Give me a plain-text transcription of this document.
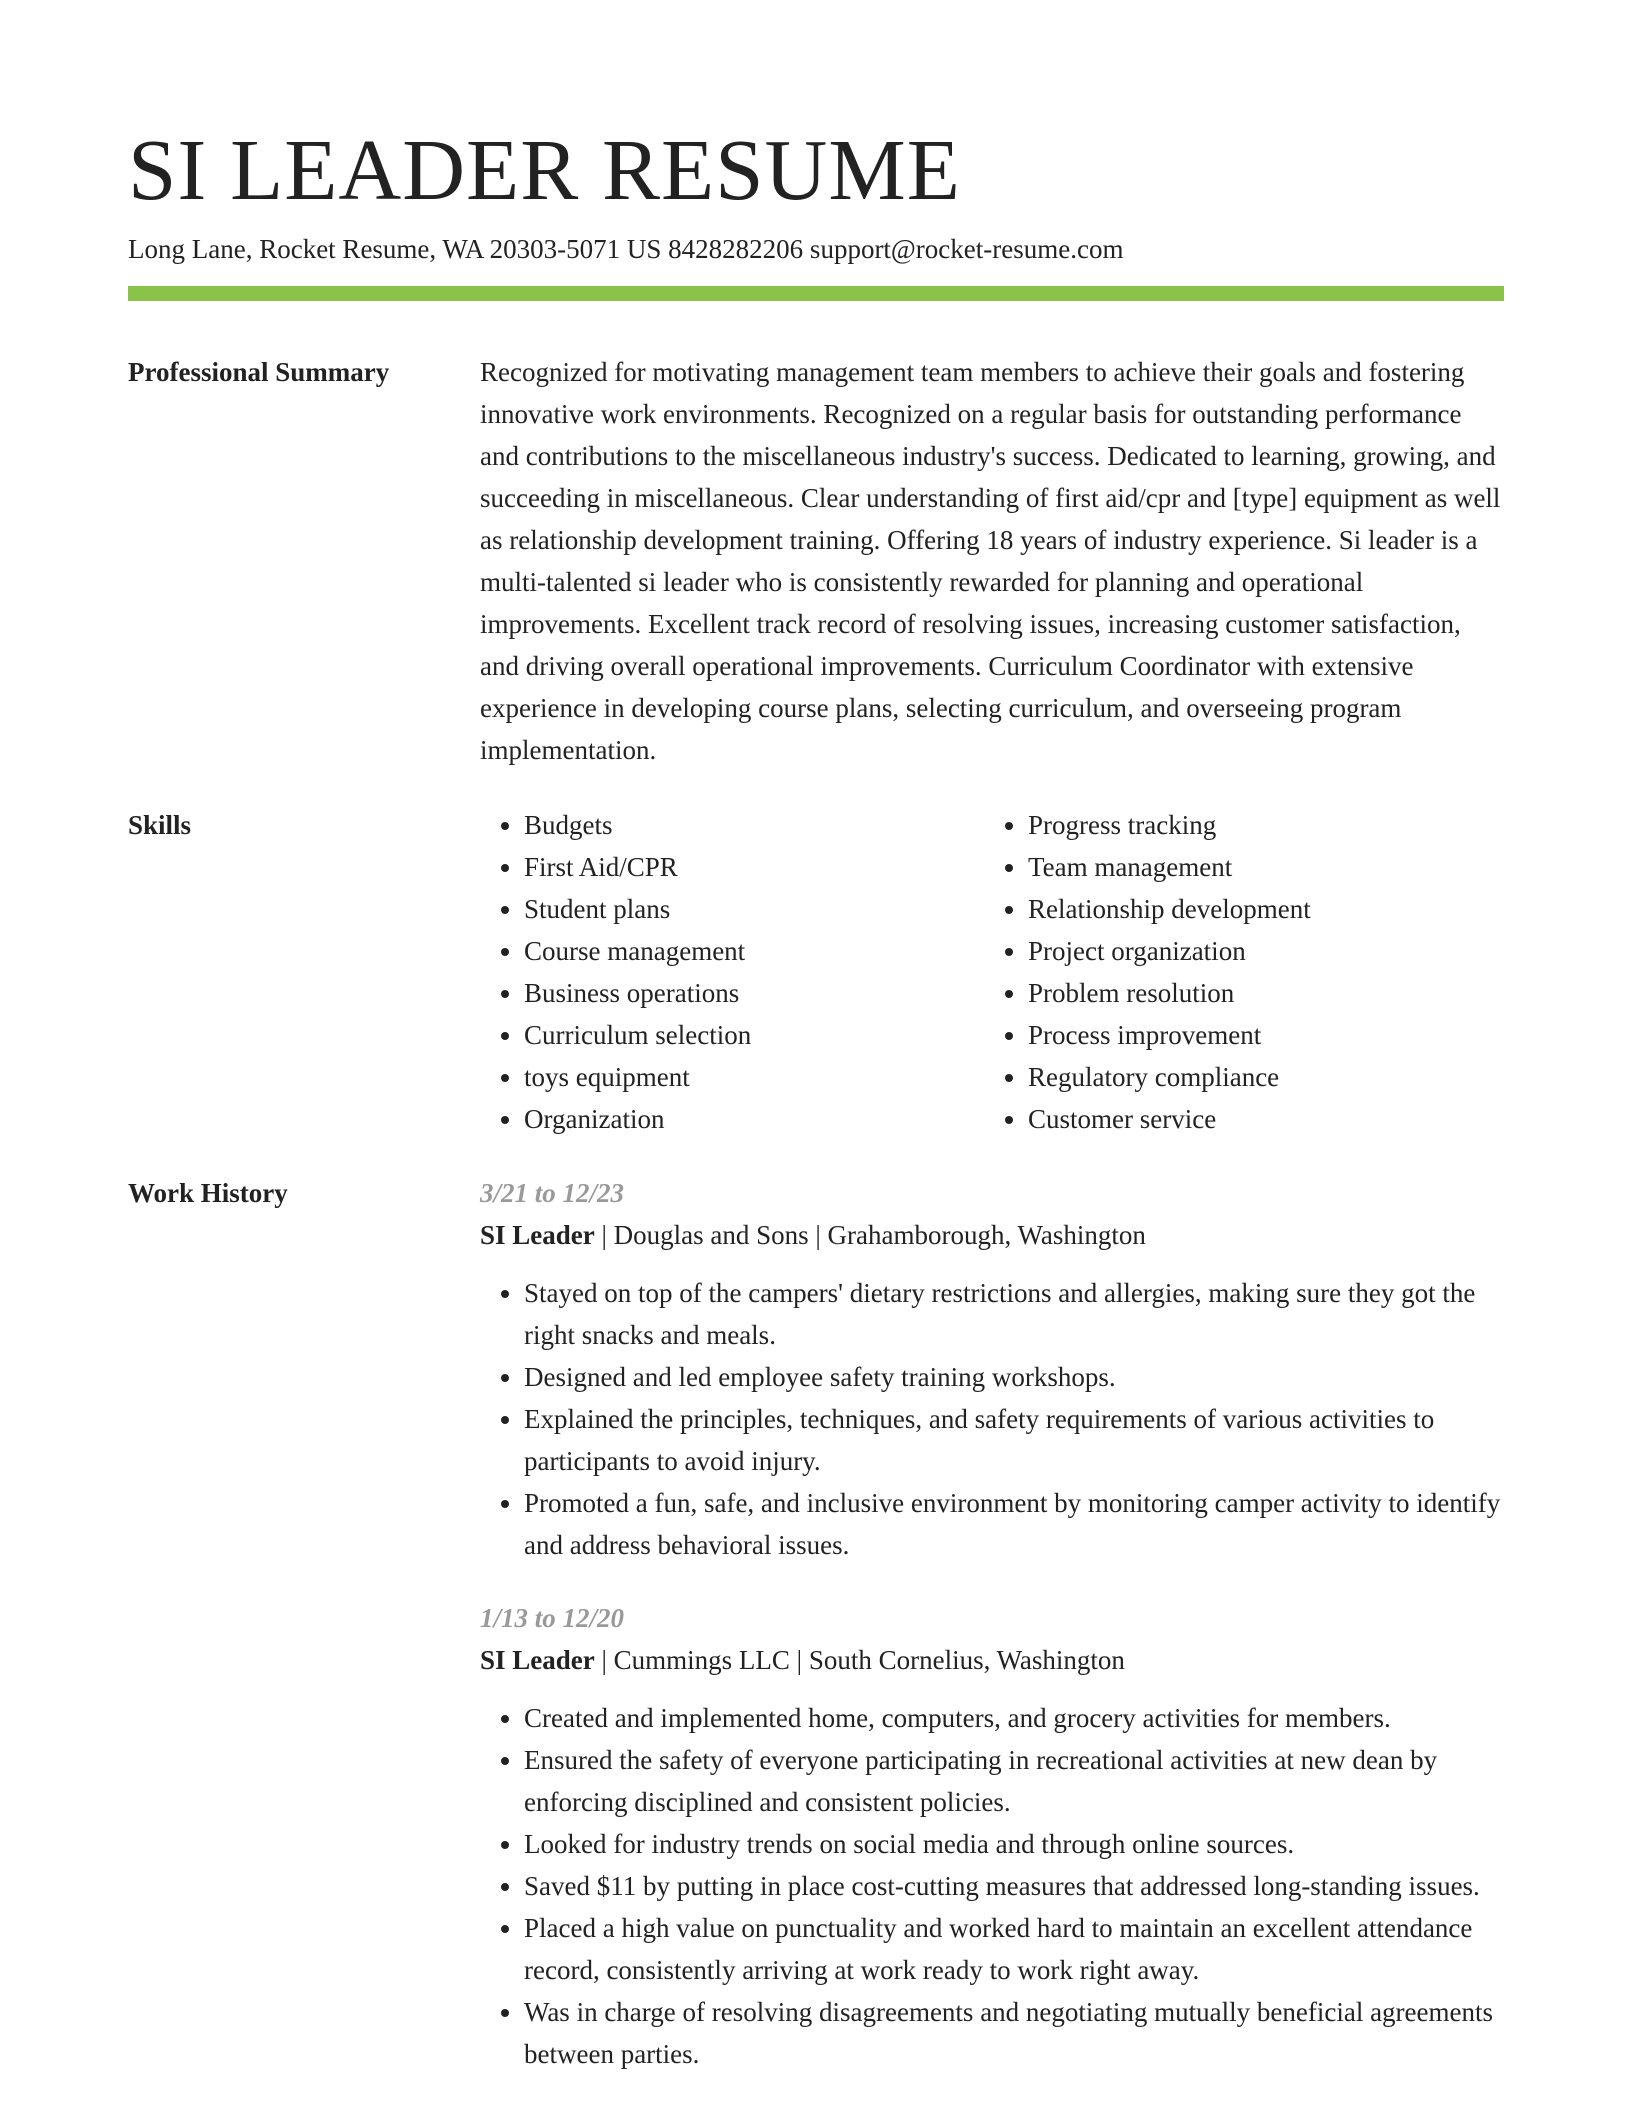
SI LEADER RESUME
Long Lane, Rocket Resume, WA 20303-5071 US 8428282206 support@rocket-resume.com
Professional Summary	Recognized for motivating management team members to achieve their goals and fostering innovative work environments. Recognized on a regular basis for outstanding performance and contributions to the miscellaneous industry's success. Dedicated to learning, growing, and succeeding in miscellaneous. Clear understanding of first aid/cpr and [type] equipment as well as relationship development training. Offering 18 years of industry experience. Si leader is a multi-talented si leader who is consistently rewarded for planning and operational improvements. Excellent track record of resolving issues, increasing customer satisfaction, and driving overall operational improvements. Curriculum Coordinator with extensive experience in developing course plans, selecting curriculum, and overseeing program implementation.

Skills
•	Budgets
• First Aid/CPR
• Student plans
• Course management
• Business operations
• Curriculum selection
• toys equipment
• Organization
• Progress tracking
• Team management
• Relationship development
• Project organization
• Problem resolution
• Process improvement
• Regulatory compliance
• Customer service
Work History	3/21 to 12/23
SI Leader | Douglas and Sons | Grahamborough, Washington
• Stayed on top of the campers' dietary restrictions and allergies, making sure they got the right snacks and meals.
• Designed and led employee safety training workshops.
• Explained the principles, techniques, and safety requirements of various activities to participants to avoid injury.
• Promoted a fun, safe, and inclusive environment by monitoring camper activity to identify and address behavioral issues.
1/13 to 12/20
SI Leader | Cummings LLC | South Cornelius, Washington
• Created and implemented home, computers, and grocery activities for members.
• Ensured the safety of everyone participating in recreational activities at new dean by enforcing disciplined and consistent policies.
• Looked for industry trends on social media and through online sources.
• Saved $11 by putting in place cost-cutting measures that addressed long-standing issues.
• Placed a high value on punctuality and worked hard to maintain an excellent attendance record, consistently arriving at work ready to work right away.
• Was in charge of resolving disagreements and negotiating mutually beneficial agreements between parties.
